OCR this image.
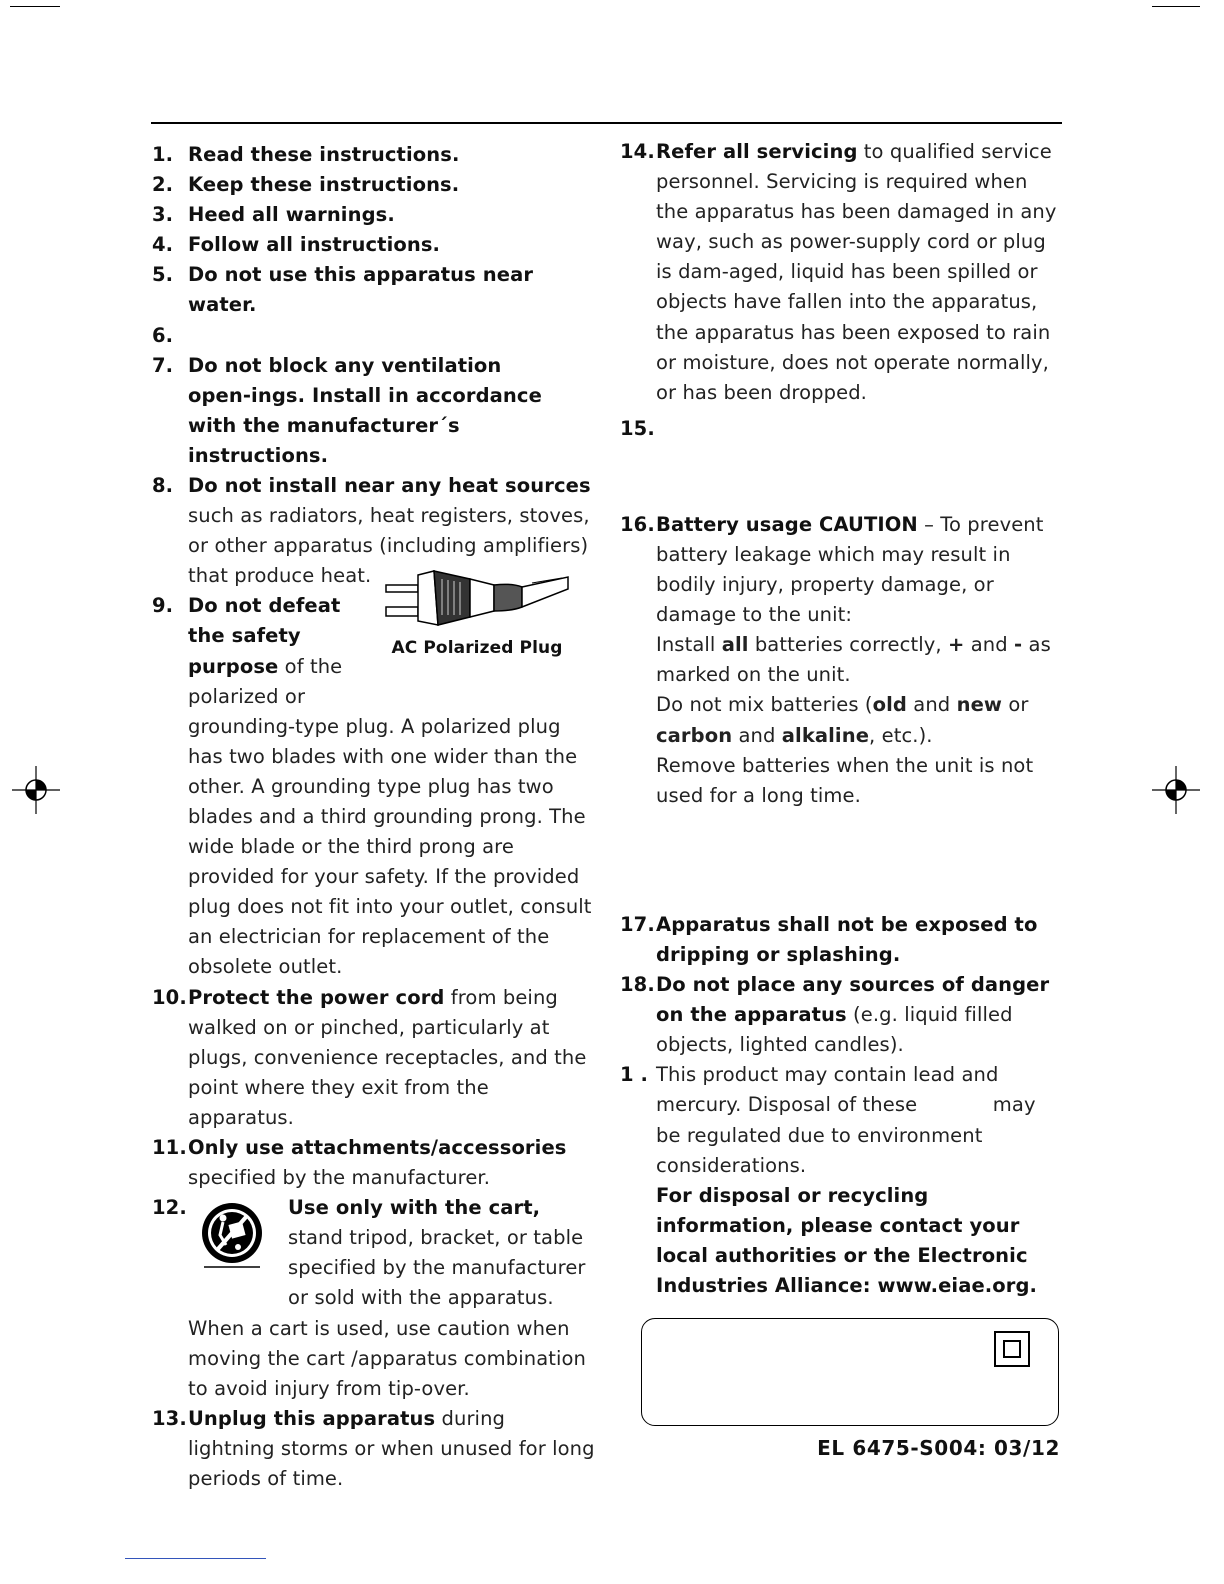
1. Read these instructions.

2. Keep these instructions.

3. Heed all warnings.

4. Follow all instructions.

5. Do not use this apparatus near water.

6.

7. Do not block any ventilation open-ings. Install in accordance with the manufacturer´s instructions.

8. Do not install near any heat sources such as radiators, heat registers, stoves, or other apparatus (including amplifiers) that produce heat.

9. Do not defeat the safety purpose of the polarized or grounding-type plug. A polarized plug has two blades with one wider than the other. A grounding type plug has two blades and a third grounding prong. The wide blade or the third prong are provided for your safety. If the provided plug does not fit into your outlet, consult an electrician for replacement of the obsolete outlet.

10. Protect the power cord from being walked on or pinched, particularly at plugs, convenience receptacles, and the point where they exit from the apparatus.

11. Only use attachments/accessories specified by the manufacturer.

12.	Use only with the cart, stand tripod, bracket, or table specified by the manufacturer or sold with the apparatus. When a cart is used, use caution when moving the cart /apparatus combination to avoid injury from tip-over.

13. Unplug this apparatus during lightning storms or when unused for long periods of time.

AC Polarized Plug

14. Refer all servicing to qualified service personnel. Servicing is required when the apparatus has been damaged in any way, such as power-supply cord or plug is dam-aged, liquid has been spilled or objects have fallen into the apparatus, the apparatus has been exposed to rain or moisture, does not operate normally, or has been dropped.

15.

16. Battery usage CAUTION – To prevent battery leakage which may result in bodily injury, property damage, or damage to the unit:
Install all batteries correctly, + and - as marked on the unit.
Do not mix batteries (old and new or carbon and alkaline, etc.).
Remove batteries when the unit is not used for a long time.

17. Apparatus shall not be exposed to dripping or splashing.

18. Do not place any sources of danger on the apparatus (e.g. liquid filled objects, lighted candles).

1 . This product may contain lead and mercury. Disposal of these            may be regulated due to environment considerations.
For disposal or recycling information, please contact your local authorities or the Electronic Industries Alliance: www.eiae.org.
EL 6475-S004: 03/12
